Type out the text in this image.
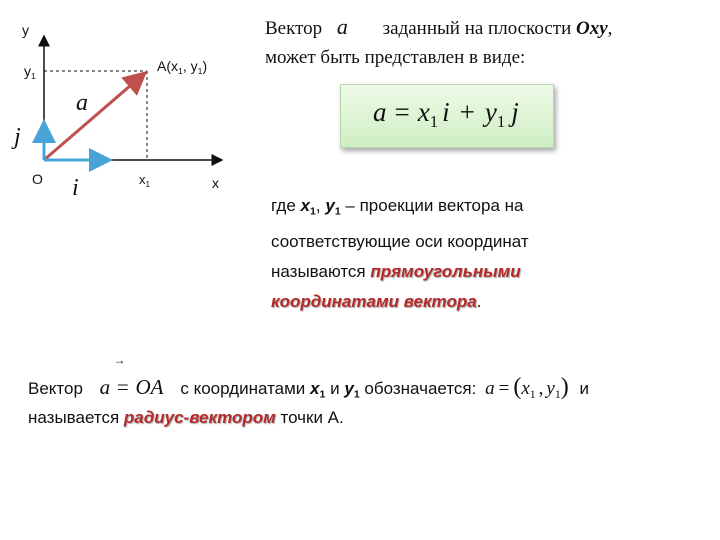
y
x
O
$y_1$
$x_1$
$A(x_1$, $y_1$)
a
i
j
Вектор a заданный на плоскости Oxy,
может быть представлен в виде:
$a = x_1$ $i + y_1$ j
где $x_1$, $y_1$ – проекции вектора на
соответствующие оси координат
называются прямоугольными
координатами вектора.
Вектор a =
→
OA с координатами $x_1$ и $y_1$ обозначается: $a = (x_1$ , $y_1$) и
называется радиус-вектором точки А.
